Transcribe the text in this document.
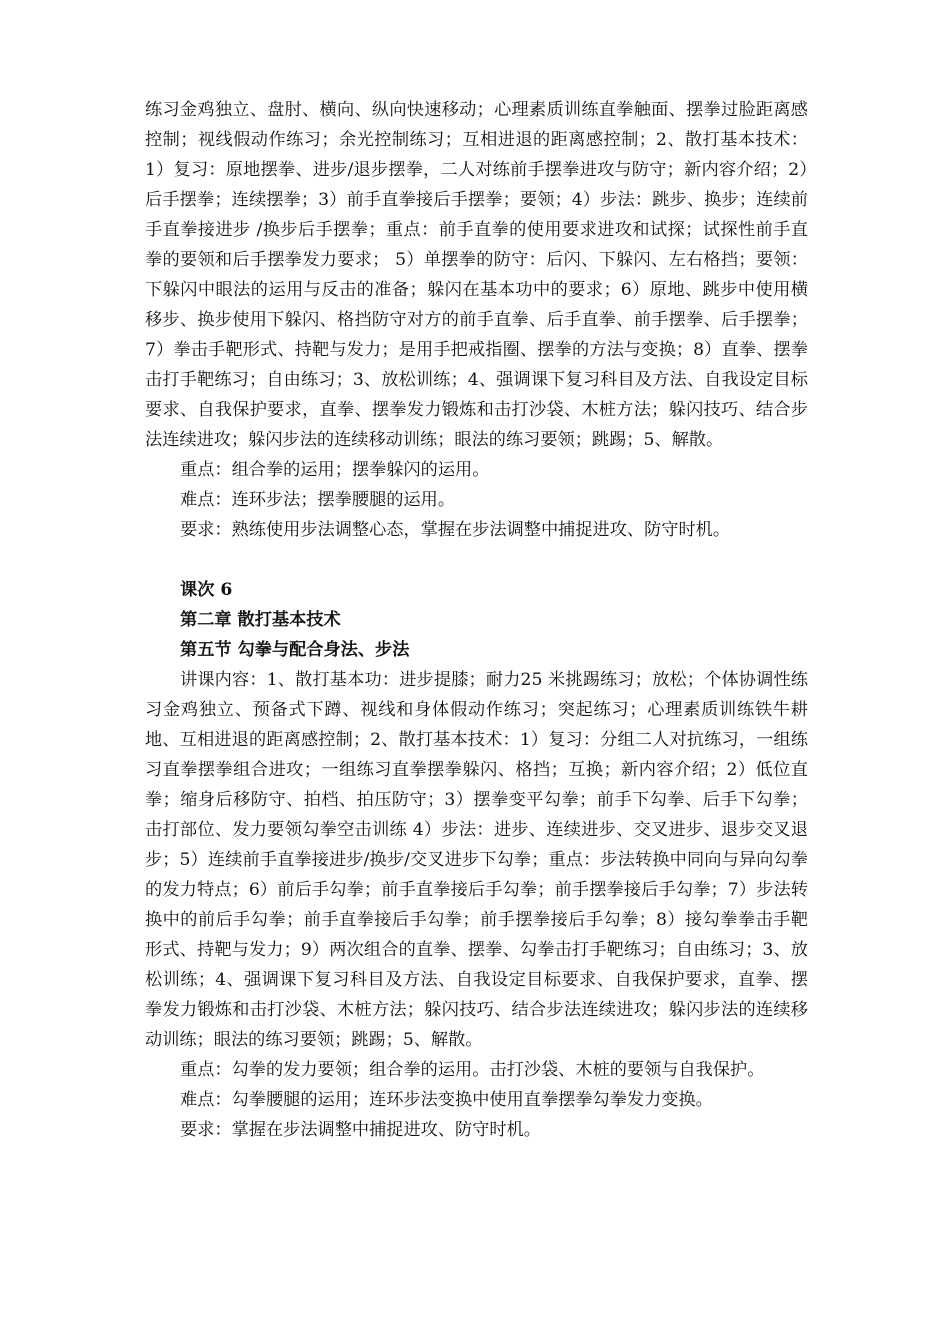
练习金鸡独立、盘肘、横向、纵向快速移动；心理素质训练直拳触面、摆拳过脸距离感控制；视线假动作练习；余光控制练习；互相进退的距离感控制；2、散打基本技术：1）复习：原地摆拳、进步/退步摆拳，二人对练前手摆拳进攻与防守；新内容介绍；2）后手摆拳；连续摆拳；3）前手直拳接后手摆拳；要领；4）步法：跳步、换步；连续前手直拳接进步 /换步后手摆拳；重点：前手直拳的使用要求进攻和试探；试探性前手直拳的要领和后手摆拳发力要求； 5）单摆拳的防守：后闪、下躲闪、左右格挡；要领：下躲闪中眼法的运用与反击的准备；躲闪在基本功中的要求；6）原地、跳步中使用横移步、换步使用下躲闪、格挡防守对方的前手直拳、后手直拳、前手摆拳、后手摆拳；7）拳击手靶形式、持靶与发力；是用手把戒指圈、摆拳的方法与变换；8）直拳、摆拳击打手靶练习；自由练习；3、放松训练；4、强调课下复习科目及方法、自我设定目标要求、自我保护要求，直拳、摆拳发力锻炼和击打沙袋、木桩方法；躲闪技巧、结合步法连续进攻；躲闪步法的连续移动训练；眼法的练习要领；跳踢；5、解散。

重点：组合拳的运用；摆拳躲闪的运用。

难点：连环步法；摆拳腰腿的运用。

要求：熟练使用步法调整心态，掌握在步法调整中捕捉进攻、防守时机。

课次 6

第二章 散打基本技术

第五节 勾拳与配合身法、步法

讲课内容：1、散打基本功：进步提膝；耐力25 米挑踢练习；放松；个体协调性练习金鸡独立、预备式下蹲、视线和身体假动作练习；突起练习；心理素质训练铁牛耕地、互相进退的距离感控制；2、散打基本技术：1）复习：分组二人对抗练习，一组练习直拳摆拳组合进攻；一组练习直拳摆拳躲闪、格挡；互换；新内容介绍；2）低位直拳；缩身后移防守、拍档、拍压防守；3）摆拳变平勾拳；前手下勾拳、后手下勾拳；击打部位、发力要领勾拳空击训练 4）步法：进步、连续进步、交叉进步、退步交叉退步；5）连续前手直拳接进步/换步/交叉进步下勾拳；重点：步法转换中同向与异向勾拳的发力特点；6）前后手勾拳；前手直拳接后手勾拳；前手摆拳接后手勾拳；7）步法转换中的前后手勾拳；前手直拳接后手勾拳；前手摆拳接后手勾拳；8）接勾拳拳击手靶形式、持靶与发力；9）两次组合的直拳、摆拳、勾拳击打手靶练习；自由练习；3、放松训练；4、强调课下复习科目及方法、自我设定目标要求、自我保护要求，直拳、摆拳发力锻炼和击打沙袋、木桩方法；躲闪技巧、结合步法连续进攻；躲闪步法的连续移动训练；眼法的练习要领；跳踢；5、解散。

重点：勾拳的发力要领；组合拳的运用。击打沙袋、木桩的要领与自我保护。

难点：勾拳腰腿的运用；连环步法变换中使用直拳摆拳勾拳发力变换。

要求：掌握在步法调整中捕捉进攻、防守时机。
